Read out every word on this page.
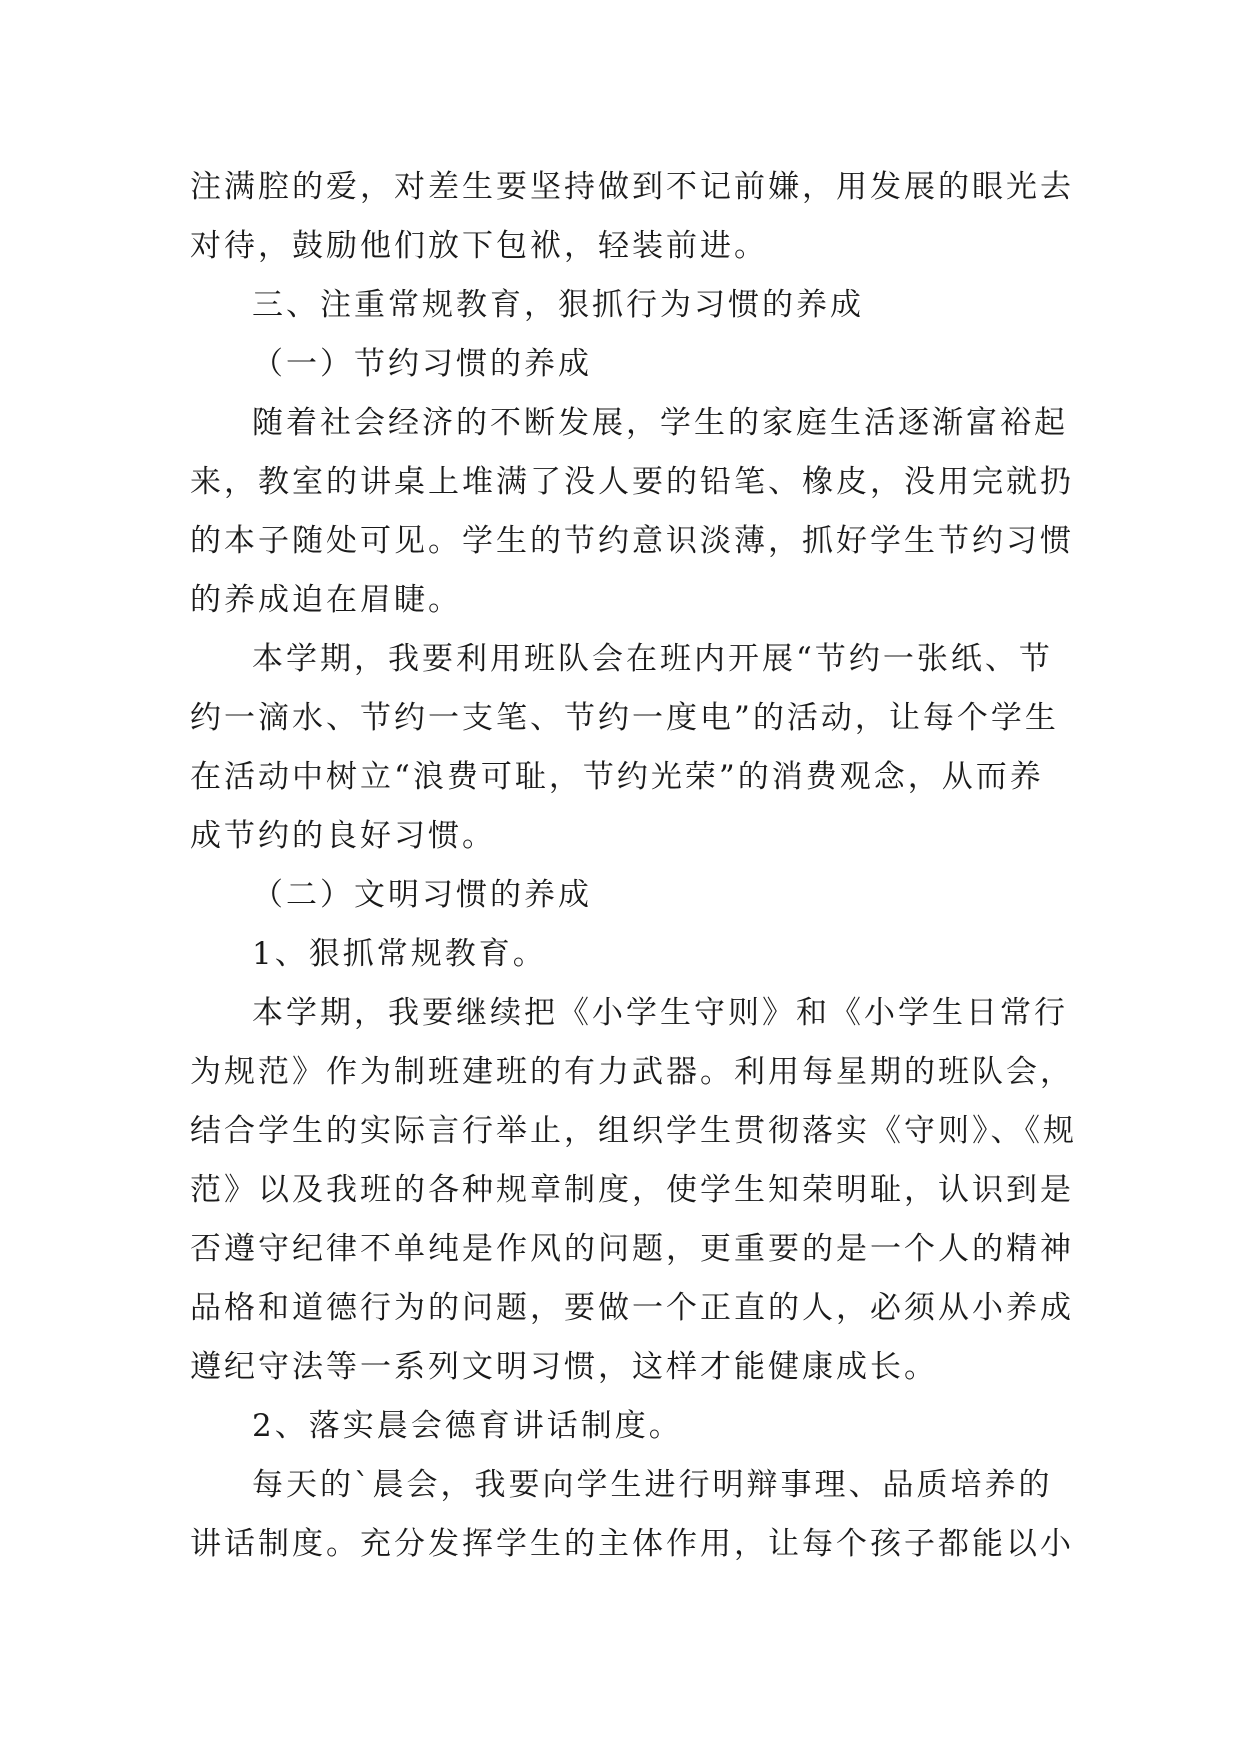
注满腔的爱，对差生要坚持做到不记前嫌，用发展的眼光去
对待，鼓励他们放下包袱，轻装前进。
三、注重常规教育，狠抓行为习惯的养成
（一）节约习惯的养成
随着社会经济的不断发展，学生的家庭生活逐渐富裕起
来，教室的讲桌上堆满了没人要的铅笔、橡皮，没用完就扔
的本子随处可见。学生的节约意识淡薄，抓好学生节约习惯
的养成迫在眉睫。
本学期，我要利用班队会在班内开展“节约一张纸、节
约一滴水、节约一支笔、节约一度电”的活动，让每个学生
在活动中树立“浪费可耻，节约光荣”的消费观念，从而养
成节约的良好习惯。
（二）文明习惯的养成
1、狠抓常规教育。
本学期，我要继续把《小学生守则》和《小学生日常行
为规范》作为制班建班的有力武器。利用每星期的班队会，
结合学生的实际言行举止，组织学生贯彻落实《守则》、《规
范》以及我班的各种规章制度，使学生知荣明耻，认识到是
否遵守纪律不单纯是作风的问题，更重要的是一个人的精神
品格和道德行为的问题，要做一个正直的人，必须从小养成
遵纪守法等一系列文明习惯，这样才能健康成长。
2、落实晨会德育讲话制度。
每天的`晨会，我要向学生进行明辩事理、品质培养的
讲话制度。充分发挥学生的主体作用，让每个孩子都能以小
